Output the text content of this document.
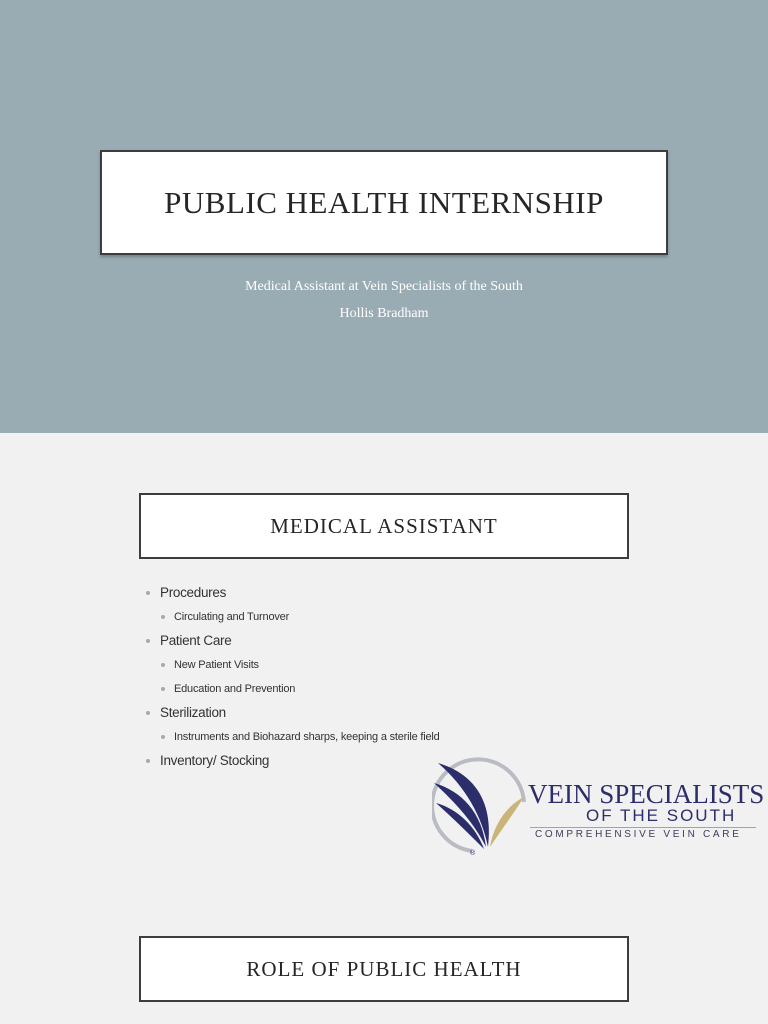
PUBLIC HEALTH INTERNSHIP
Medical Assistant at Vein Specialists of the South
Hollis Bradham
MEDICAL ASSISTANT
Procedures
Circulating and Turnover
Patient Care
New Patient Visits
Education and Prevention
Sterilization
Instruments and Biohazard sharps, keeping a sterile field
Inventory/ Stocking
®
VEIN SPECIALISTS
OF THE SOUTH
COMPREHENSIVE VEIN CARE
ROLE OF PUBLIC HEALTH
